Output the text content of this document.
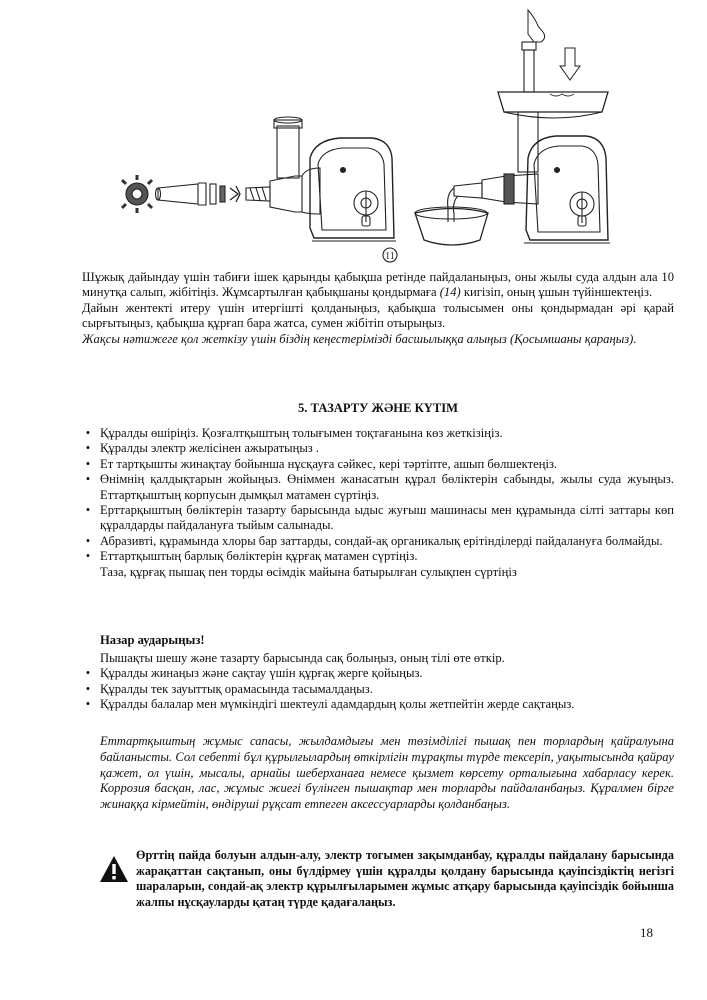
11

Шұжық дайындау үшін табиғи ішек қарынды қабықша ретінде пайдаланыңыз, оны жылы суда алдын ала 10 минутқа салып, жібітіңіз. Жұмсартылған қабықшаны қондырмаға (14) кигізіп, оның ұшын түйіншектеңіз.

Дайын жентекті итеру үшін итергішті қолданыңыз, қабықша толысымен оны қондырмадан әрі қарай сырғытыңыз, қабықша құрғап бара жатса, сумен жібітіп отырыңыз.

Жақсы нәтижеге қол жеткізу үшін біздің кеңестерімізді басшылыққа алыңыз (Қосымшаны қараңыз).

5. ТАЗАРТУ ЖӘНЕ КҮТІМ
• Құралды өшіріңіз. Қозғалтқыштың толығымен тоқтағанына көз жеткізіңіз.
• Құралды электр желісінен ажыратыңыз .
• Ет тартқышты жинақтау бойынша нұсқауға сәйкес, кері тәртіпте, ашып бөлшектеңіз.
• Өнімнің қалдықтарын жойыңыз. Өніммен жанасатын құрал бөліктерін сабынды, жылы суда жуыңыз. Еттартқыштың корпусын дымқыл матамен сүртіңіз.
• Ерттарқыштың бөліктерін тазарту барысында ыдыс жуғыш машинасы мен құрамында сілті заттары көп құралдарды пайдалануға тыйым салынады.
• Абразивті, құрамында хлоры бар заттарды, сондай-ақ органикалық ерітінділерді пайдалануға болмайды.
• Еттартқыштың барлық бөліктерін құрғақ матамен сүртіңіз.

Таза, құрғақ пышақ пен торды өсімдік майына батырылған сулықпен сүртіңіз

Назар аударыңыз!

Пышақты шешу және тазарту барысында сақ болыңыз, оның тілі өте өткір.

• Құралды жинаңыз және сақтау үшін құрғақ жерге қойыңыз.
• Құралды тек зауыттық орамасында тасымалдаңыз.
• Құралды балалар мен мүмкіндігі шектеулі адамдардың қолы жетпейтін жерде сақтаңыз.
Еттартқыштың жұмыс сапасы, жылдамдығы мен төзімділігі пышақ пен торлардың қайралуына байланысты. Сол себепті бұл құрылғылардың өткірлігін тұрақты түрде тексеріп, уақытысында қайрау қажет, ол үшін, мысалы, арнайы шеберханаға немесе қызмет көрсету орталығына хабарласу керек. Коррозия басқан, лас, жұмыс жиегі бүлінген пышақтар мен торларды пайдаланбаңыз. Құралмен бірге жинаққа кірмейтін, өндіруші рұқсат етпеген аксессуарларды қолданбаңыз.
Өрттің пайда болуын алдын-алу, электр тогымен зақымданбау, құралды пайдалану барысында жарақаттан сақтанып, оны бүлдірмеу үшін құралды қолдану барысында қауіпсіздіктің негізгі шараларын, сондай-ақ электр құрылғыларымен жұмыс атқару барысында қауіпсіздік бойынша жалпы нұсқауларды қатаң түрде қадағалаңыз.
18
